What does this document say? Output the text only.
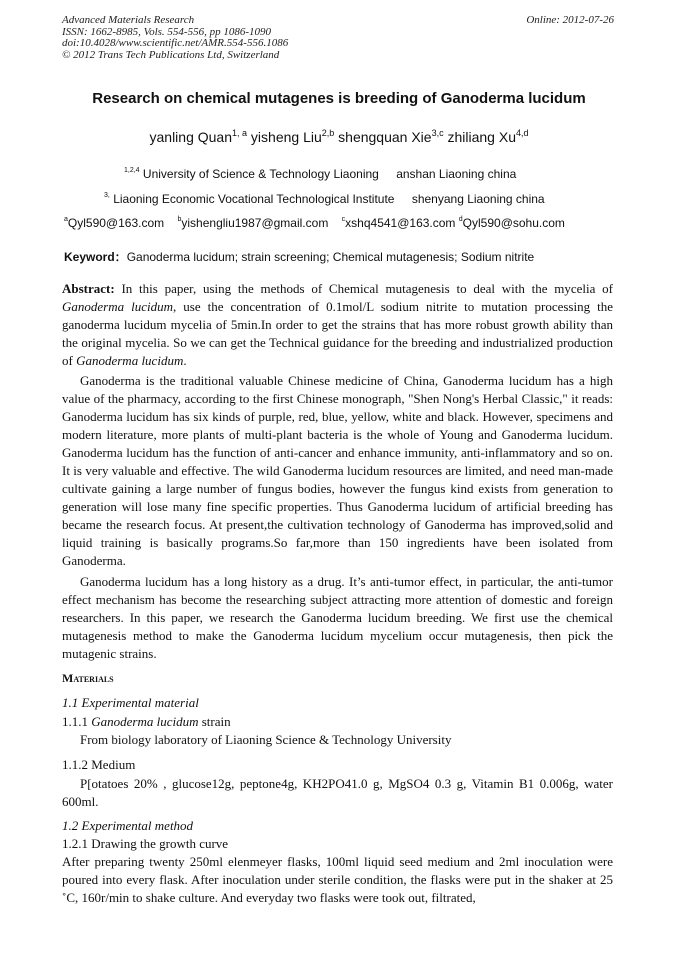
Advanced Materials Research
ISSN: 1662-8985, Vols. 554-556, pp 1086-1090
doi:10.4028/www.scientific.net/AMR.554-556.1086
© 2012 Trans Tech Publications Ltd, Switzerland
Online: 2012-07-26
Research on chemical mutagenes is breeding of Ganoderma lucidum
yanling Quan$^{1, a}$ yisheng Liu$^{2,b}$ shengquan Xie$^{3,c}$ zhiliang Xu$^{4,d}$
$^{1,2,4}$ University of Science & Technology Liaoning anshan Liaoning china
$^{3,}$ Liaoning Economic Vocational Technological Institute shenyang Liaoning china
$^a$Qyl590@163.com $^b$yishengliu1987@gmail.com $^c$xshq4541@163.com $^d$Qyl590@sohu.com
Keyword：Ganoderma lucidum; strain screening; Chemical mutagenesis; Sodium nitrite
Abstract: In this paper, using the methods of Chemical mutagenesis to deal with the mycelia of Ganoderma lucidum, use the concentration of 0.1mol/L sodium nitrite to mutation processing the ganoderma lucidum mycelia of 5min.In order to get the strains that has more robust growth ability than the original mycelia. So we can get the Technical guidance for the breeding and industrialized production of Ganoderma lucidum.
Ganoderma is the traditional valuable Chinese medicine of China, Ganoderma lucidum has a high value of the pharmacy, according to the first Chinese monograph, "Shen Nong's Herbal Classic," it reads: Ganoderma lucidum has six kinds of purple, red, blue, yellow, white and black. However, specimens and modern literature, more plants of multi-plant bacteria is the whole of Young and Ganoderma lucidum. Ganoderma lucidum has the function of anti-cancer and enhance immunity, anti-inflammatory and so on. It is very valuable and effective. The wild Ganoderma lucidum resources are limited, and need man-made cultivate gaining a large number of fungus bodies, however the fungus kind exists from generation to generation will lose many fine specific properties. Thus Ganoderma lucidum of artificial breeding has became the research focus. At present,the cultivation technology of Ganoderma has improved,solid and liquid training is basically programs.So far,more than 150 ingredients have been isolated from Ganoderma.
Ganoderma lucidum has a long history as a drug. It’s anti-tumor effect, in particular, the anti-tumor effect mechanism has become the researching subject attracting more attention of domestic and foreign researchers. In this paper, we research the Ganoderma lucidum breeding. We first use the chemical mutagenesis method to make the Ganoderma lucidum mycelium occur mutagenesis, then pick the mutagenic strains.
Materials
1.1 Experimental material
1.1.1 Ganoderma lucidum strain
From biology laboratory of Liaoning Science & Technology University
1.1.2 Medium
P[otatoes 20% , glucose12g, peptone4g, KH2PO41.0 g, MgSO4 0.3 g, Vitamin B1 0.006g, water 600ml.
1.2 Experimental method
1.2.1 Drawing the growth curve
After preparing twenty 250ml elenmeyer flasks, 100ml liquid seed medium and 2ml inoculation were poured into every flask. After inoculation under sterile condition, the flasks were put in the shaker at 25 ˚C, 160r/min to shake culture. And everyday two flasks were took out, filtrated,
